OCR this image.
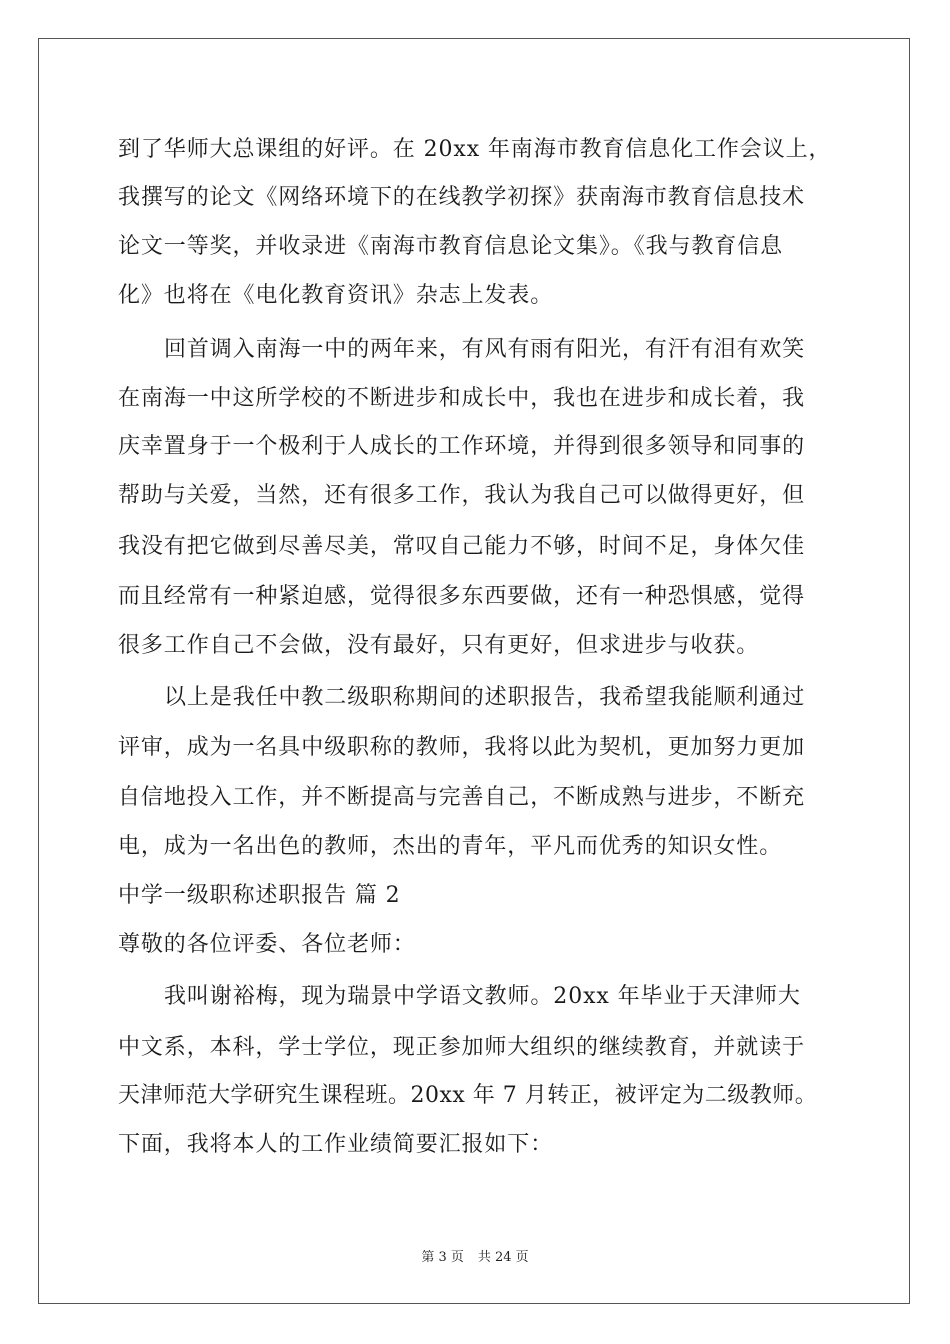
到了华师大总课组的好评。在 20xx 年南海市教育信息化工作会议上，
我撰写的论文《网络环境下的在线教学初探》获南海市教育信息技术
论文一等奖，并收录进《南海市教育信息论文集》。《我与教育信息
化》也将在《电化教育资讯》杂志上发表。
回首调入南海一中的两年来，有风有雨有阳光，有汗有泪有欢笑
在南海一中这所学校的不断进步和成长中，我也在进步和成长着，我
庆幸置身于一个极利于人成长的工作环境，并得到很多领导和同事的
帮助与关爱，当然，还有很多工作，我认为我自己可以做得更好，但
我没有把它做到尽善尽美，常叹自己能力不够，时间不足，身体欠佳
而且经常有一种紧迫感，觉得很多东西要做，还有一种恐惧感，觉得
很多工作自己不会做，没有最好，只有更好，但求进步与收获。
以上是我任中教二级职称期间的述职报告，我希望我能顺利通过
评审，成为一名具中级职称的教师，我将以此为契机，更加努力更加
自信地投入工作，并不断提高与完善自己，不断成熟与进步，不断充
电，成为一名出色的教师，杰出的青年，平凡而优秀的知识女性。
中学一级职称述职报告 篇 2
尊敬的各位评委、各位老师：
我叫谢裕梅，现为瑞景中学语文教师。20xx 年毕业于天津师大
中文系，本科，学士学位，现正参加师大组织的继续教育，并就读于
天津师范大学研究生课程班。20xx 年 7 月转正，被评定为二级教师。
下面，我将本人的工作业绩简要汇报如下：
第 3 页 共 24 页
